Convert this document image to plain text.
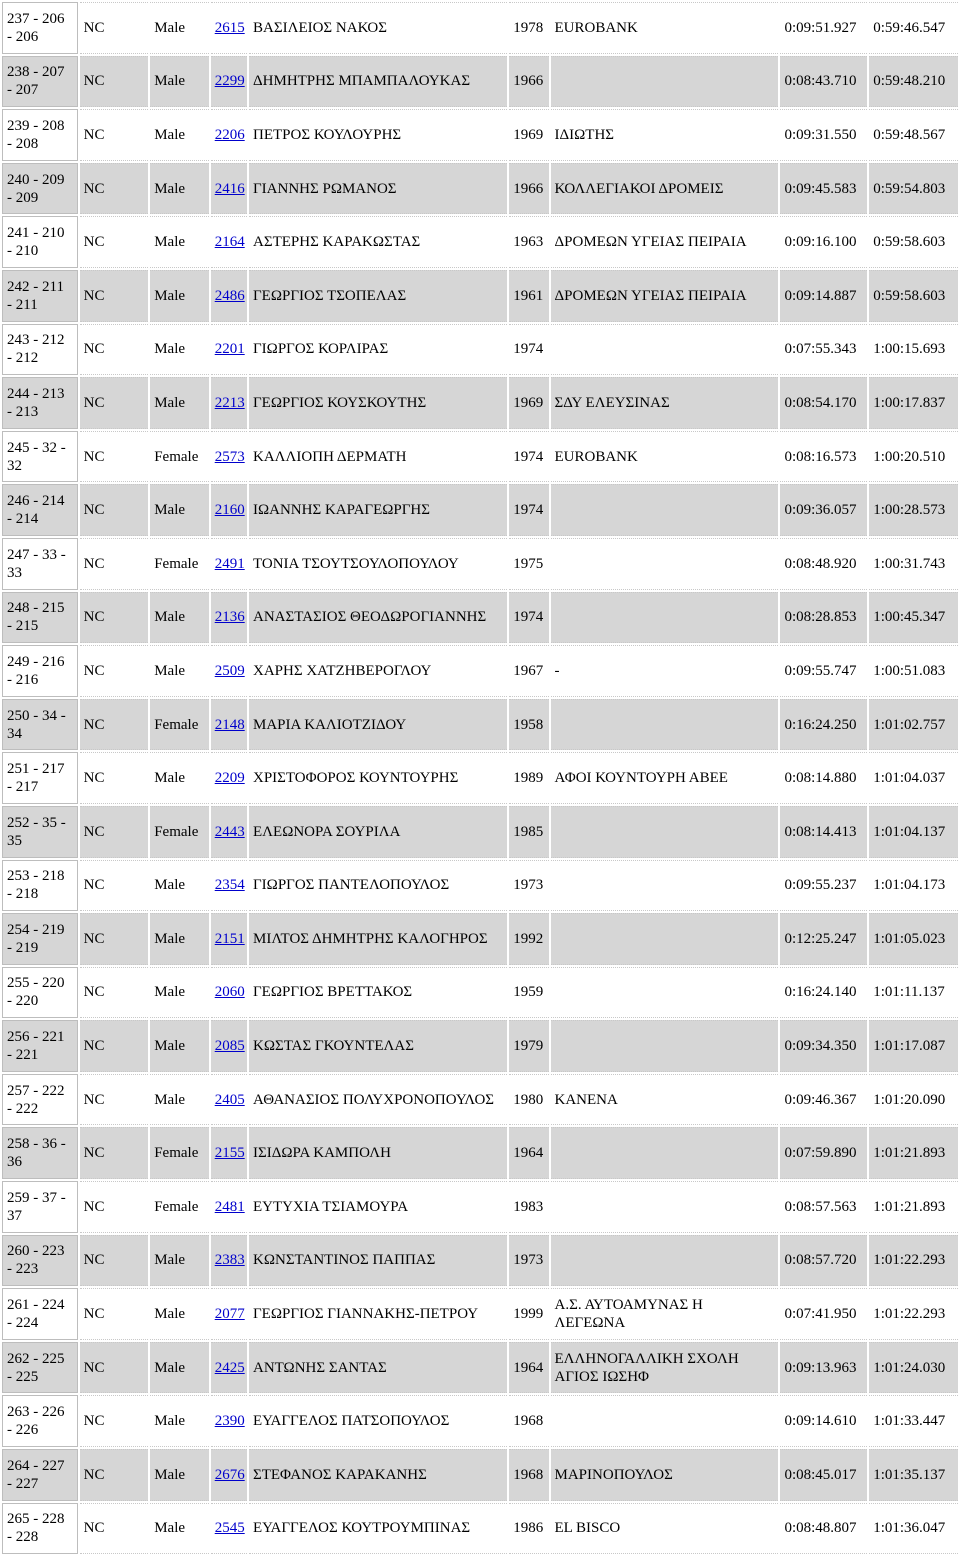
237 - 206 - 206	NC	Male	2615	ΒΑΣΙΛΕΙΟΣ ΝΑΚΟΣ	1978	EUROBANK	0:09:51.927	0:59:46.547
238 - 207 - 207	NC	Male	2299	ΔΗΜΗΤΡΗΣ ΜΠΑΜΠΑΛΟΥΚΑΣ	1966		0:08:43.710	0:59:48.210
239 - 208 - 208	NC	Male	2206	ΠΕΤΡΟΣ ΚΟΥΛΟΥΡΗΣ	1969	ΙΔΙΩΤΗΣ	0:09:31.550	0:59:48.567
240 - 209 - 209	NC	Male	2416	ΓΙΑΝΝΗΣ ΡΩΜΑΝΟΣ	1966	ΚΟΛΛΕΓΙΑΚΟΙ ΔΡΟΜΕΙΣ	0:09:45.583	0:59:54.803
241 - 210 - 210	NC	Male	2164	ΑΣΤΕΡΗΣ ΚΑΡΑΚΩΣΤΑΣ	1963	ΔΡΟΜΕΩΝ ΥΓΕΙΑΣ ΠΕΙΡΑΙΑ	0:09:16.100	0:59:58.603
242 - 211 - 211	NC	Male	2486	ΓΕΩΡΓΙΟΣ ΤΣΟΠΕΛΑΣ	1961	ΔΡΟΜΕΩΝ ΥΓΕΙΑΣ ΠΕΙΡΑΙΑ	0:09:14.887	0:59:58.603
243 - 212 - 212	NC	Male	2201	ΓΙΩΡΓΟΣ ΚΟΡΛΙΡΑΣ	1974		0:07:55.343	1:00:15.693
244 - 213 - 213	NC	Male	2213	ΓΕΩΡΓΙΟΣ ΚΟΥΣΚΟΥΤΗΣ	1969	ΣΔΥ ΕΛΕΥΣΙΝΑΣ	0:08:54.170	1:00:17.837
245 - 32 - 32	NC	Female	2573	ΚΑΛΛΙΟΠΗ ΔΕΡΜΑΤΗ	1974	EUROBANK	0:08:16.573	1:00:20.510
246 - 214 - 214	NC	Male	2160	ΙΩΑΝΝΗΣ ΚΑΡΑΓΕΩΡΓΗΣ	1974		0:09:36.057	1:00:28.573
247 - 33 - 33	NC	Female	2491	ΤΟΝΙΑ ΤΣΟΥΤΣΟΥΛΟΠΟΥΛΟΥ	1975		0:08:48.920	1:00:31.743
248 - 215 - 215	NC	Male	2136	ΑΝΑΣΤΑΣΙΟΣ ΘΕΟΔΩΡΟΓΙΑΝΝΗΣ	1974		0:08:28.853	1:00:45.347
249 - 216 - 216	NC	Male	2509	ΧΑΡΗΣ ΧΑΤΖΗΒΕΡΟΓΛΟΥ	1967	-	0:09:55.747	1:00:51.083
250 - 34 - 34	NC	Female	2148	ΜΑΡΙΑ ΚΑΛΙΟΤΖΙΔΟΥ	1958		0:16:24.250	1:01:02.757
251 - 217 - 217	NC	Male	2209	ΧΡΙΣΤΟΦΟΡΟΣ ΚΟΥΝΤΟΥΡΗΣ	1989	ΑΦΟΙ ΚΟΥΝΤΟΥΡΗ ΑΒΕΕ	0:08:14.880	1:01:04.037
252 - 35 - 35	NC	Female	2443	ΕΛΕΩΝΟΡΑ ΣΟΥΡΙΛΑ	1985		0:08:14.413	1:01:04.137
253 - 218 - 218	NC	Male	2354	ΓΙΩΡΓΟΣ ΠΑΝΤΕΛΟΠΟΥΛΟΣ	1973		0:09:55.237	1:01:04.173
254 - 219 - 219	NC	Male	2151	ΜΙΛΤΟΣ ΔΗΜΗΤΡΗΣ ΚΑΛΟΓΗΡΟΣ	1992		0:12:25.247	1:01:05.023
255 - 220 - 220	NC	Male	2060	ΓΕΩΡΓΙΟΣ ΒΡΕΤΤΑΚΟΣ	1959		0:16:24.140	1:01:11.137
256 - 221 - 221	NC	Male	2085	ΚΩΣΤΑΣ ΓΚΟΥΝΤΕΛΑΣ	1979		0:09:34.350	1:01:17.087
257 - 222 - 222	NC	Male	2405	ΑΘΑΝΑΣΙΟΣ ΠΟΛΥΧΡΟΝΟΠΟΥΛΟΣ	1980	ΚΑΝΕΝΑ	0:09:46.367	1:01:20.090
258 - 36 - 36	NC	Female	2155	ΙΣΙΔΩΡΑ ΚΑΜΠΟΛΗ	1964		0:07:59.890	1:01:21.893
259 - 37 - 37	NC	Female	2481	ΕΥΤΥΧΙΑ ΤΣΙΑΜΟΥΡΑ	1983		0:08:57.563	1:01:21.893
260 - 223 - 223	NC	Male	2383	ΚΩΝΣΤΑΝΤΙΝΟΣ ΠΑΠΠΑΣ	1973		0:08:57.720	1:01:22.293
261 - 224 - 224	NC	Male	2077	ΓΕΩΡΓΙΟΣ ΓΙΑΝΝΑΚΗΣ-ΠΕΤΡΟΥ	1999	Α.Σ. ΑΥΤΟΑΜΥΝΑΣ Η ΛΕΓΕΩΝΑ	0:07:41.950	1:01:22.293
262 - 225 - 225	NC	Male	2425	ΑΝΤΩΝΗΣ ΣΑΝΤΑΣ	1964	ΕΛΛΗΝΟΓΑΛΛΙΚΗ ΣΧΟΛΗ ΑΓΙΟΣ ΙΩΣΗΦ	0:09:13.963	1:01:24.030
263 - 226 - 226	NC	Male	2390	ΕΥΑΓΓΕΛΟΣ ΠΑΤΣΟΠΟΥΛΟΣ	1968		0:09:14.610	1:01:33.447
264 - 227 - 227	NC	Male	2676	ΣΤΕΦΑΝΟΣ ΚΑΡΑΚΑΝΗΣ	1968	ΜΑΡΙΝΟΠΟΥΛΟΣ	0:08:45.017	1:01:35.137
265 - 228 - 228	NC	Male	2545	ΕΥΑΓΓΕΛΟΣ ΚΟΥΤΡΟΥΜΠΙΝΑΣ	1986	EL BISCO	0:08:48.807	1:01:36.047
